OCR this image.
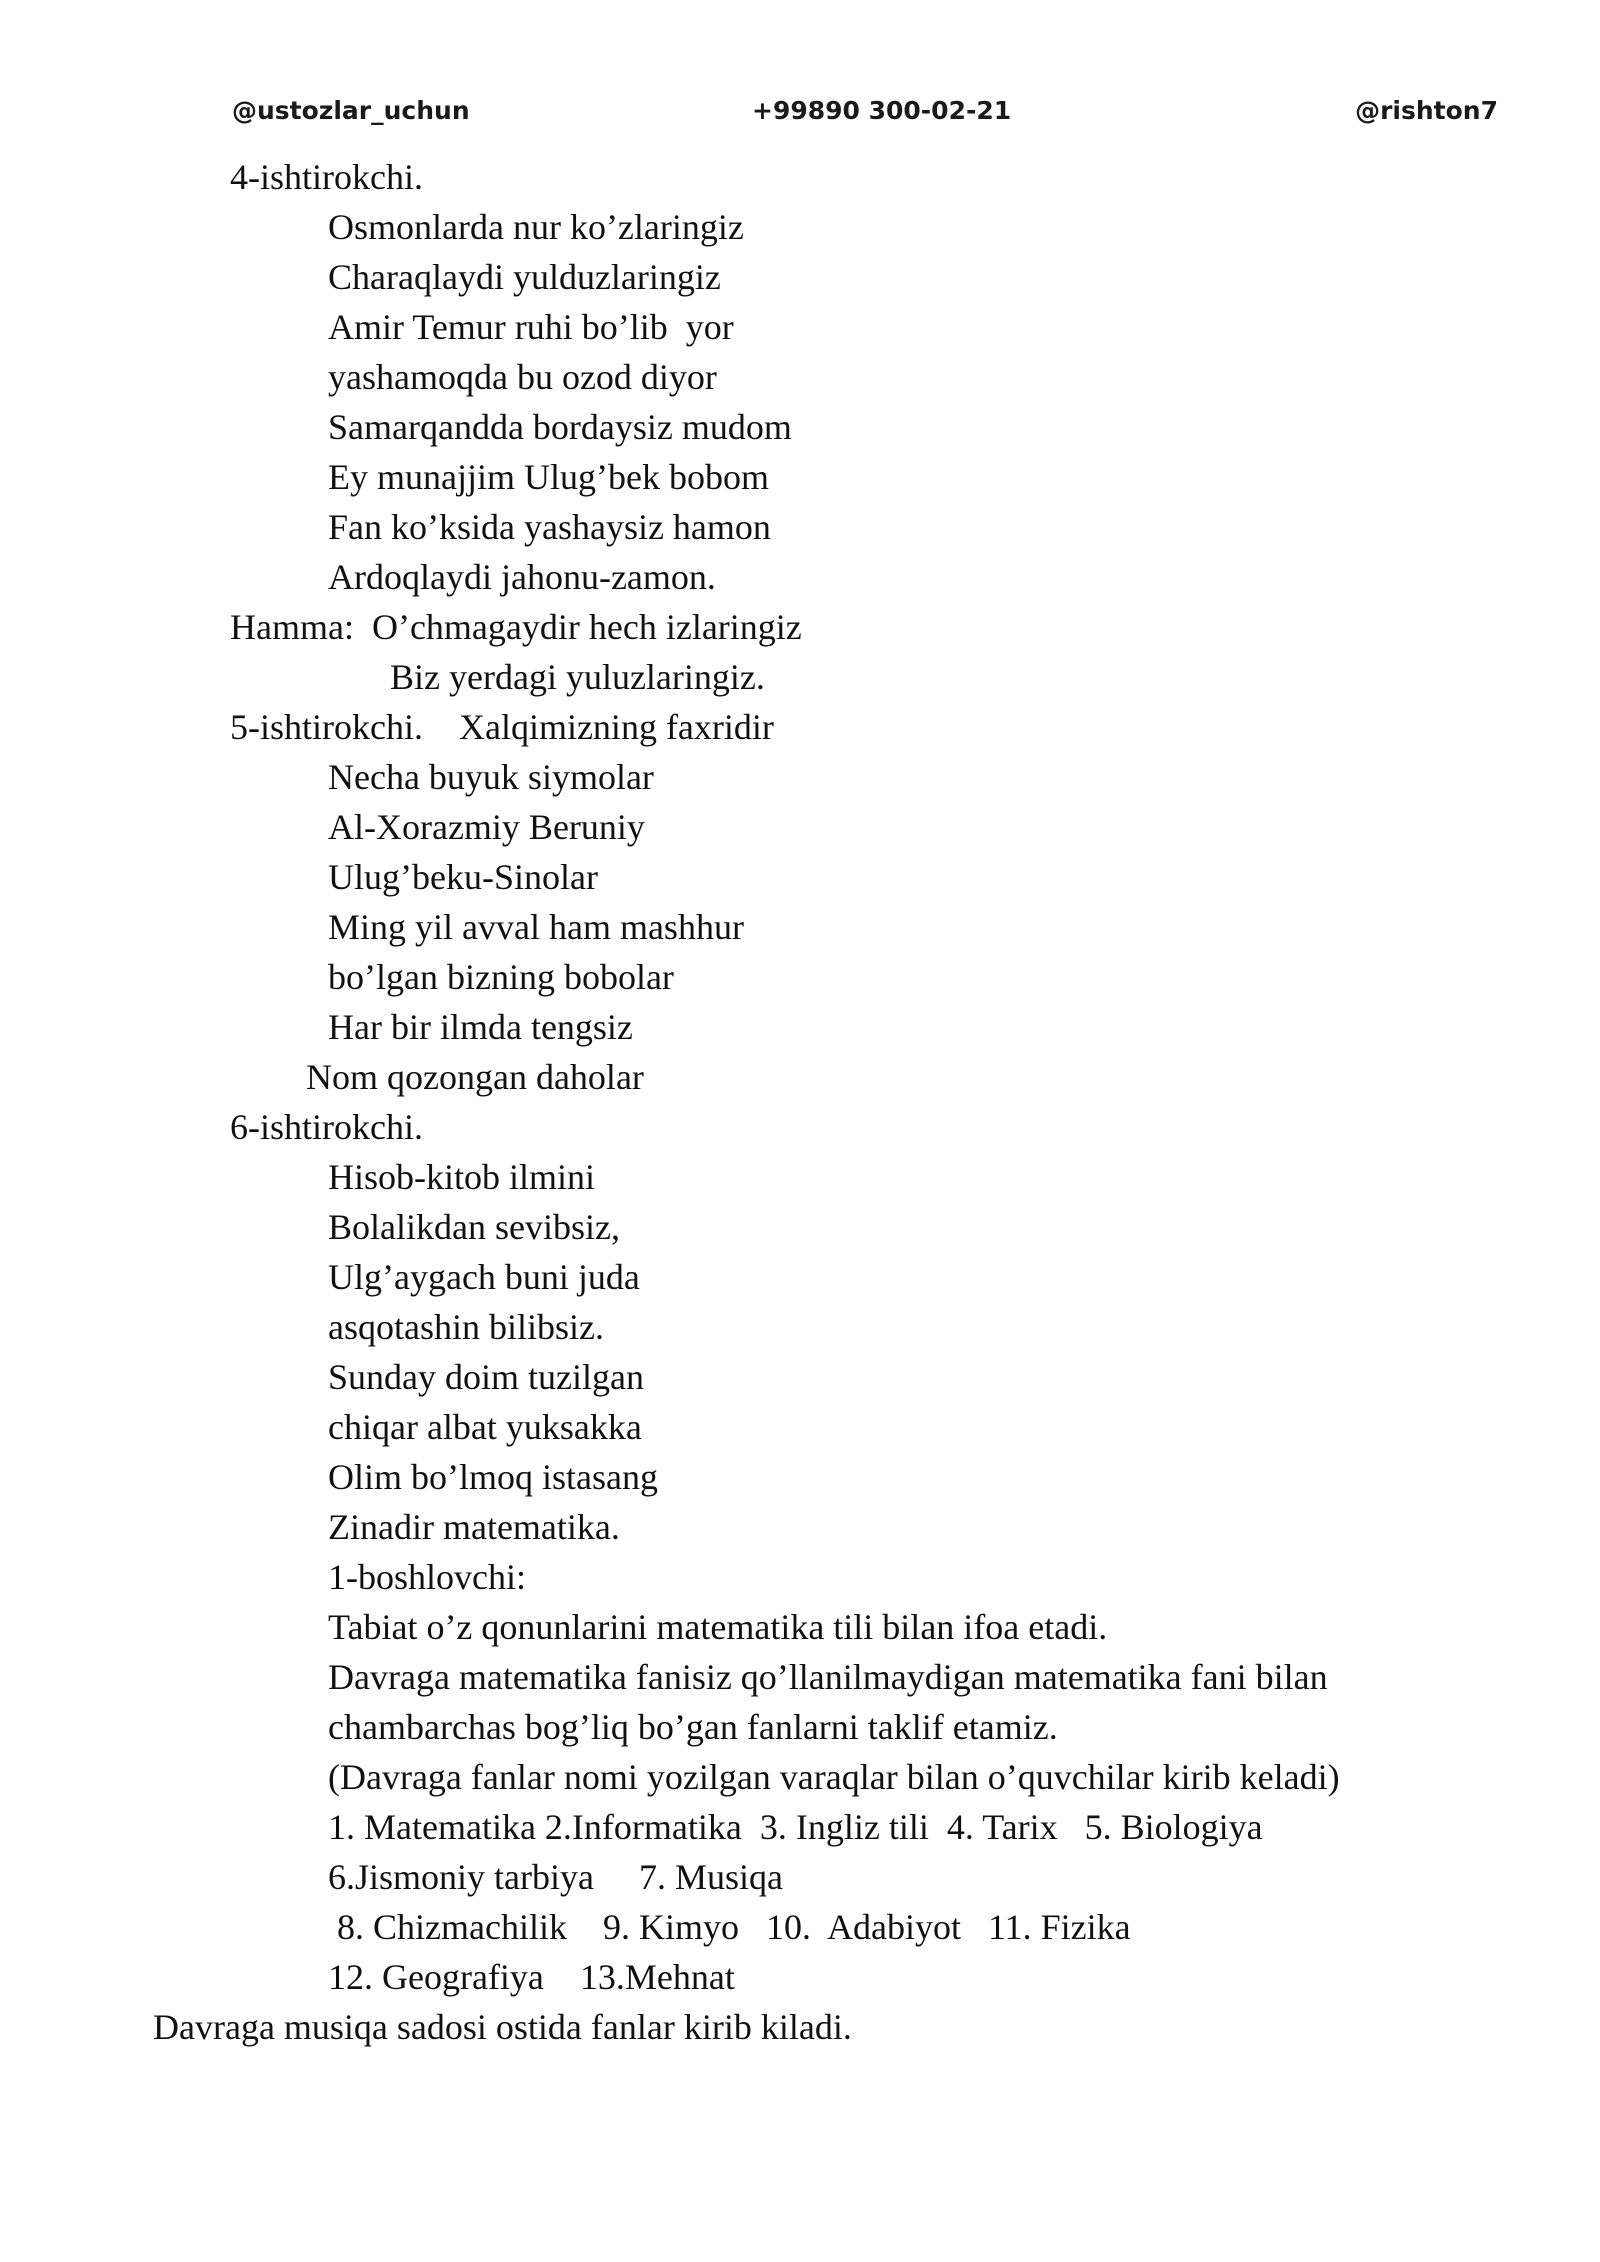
@ustozlar_uchun	+99890 300-02-21	@rishton7
4-ishtirokchi.
Osmonlarda nur ko’zlaringiz
Charaqlaydi yulduzlaringiz
Amir Temur ruhi bo’lib  yor
yashamoqda bu ozod diyor
Samarqandda bordaysiz mudom
Ey munajjim Ulug’bek bobom
Fan ko’ksida yashaysiz hamon
Ardoqlaydi jahonu-zamon.
Hamma:  O’chmagaydir hech izlaringiz
Biz yerdagi yuluzlaringiz.
5-ishtirokchi.    Xalqimizning faxridir
Necha buyuk siymolar
Al-Xorazmiy Beruniy
Ulug’beku-Sinolar
Ming yil avval ham mashhur
bo’lgan bizning bobolar
Har bir ilmda tengsiz
Nom qozongan daholar
6-ishtirokchi.
Hisob-kitob ilmini
Bolalikdan sevibsiz,
Ulg’aygach buni juda
asqotashin bilibsiz.
Sunday doim tuzilgan
chiqar albat yuksakka
Olim bo’lmoq istasang
Zinadir matematika.
1-boshlovchi:
Tabiat o’z qonunlarini matematika tili bilan ifoa etadi.
Davraga matematika fanisiz qo’llanilmaydigan matematika fani bilan
chambarchas bog’liq bo’gan fanlarni taklif etamiz.
(Davraga fanlar nomi yozilgan varaqlar bilan o’quvchilar kirib keladi)
1. Matematika 2.Informatika  3. Ingliz tili  4. Tarix   5. Biologiya
6.Jismoniy tarbiya     7. Musiqa
8. Chizmachilik    9. Kimyo   10.  Adabiyot   11. Fizika
12. Geografiya    13.Mehnat
Davraga musiqa sadosi ostida fanlar kirib kiladi.
